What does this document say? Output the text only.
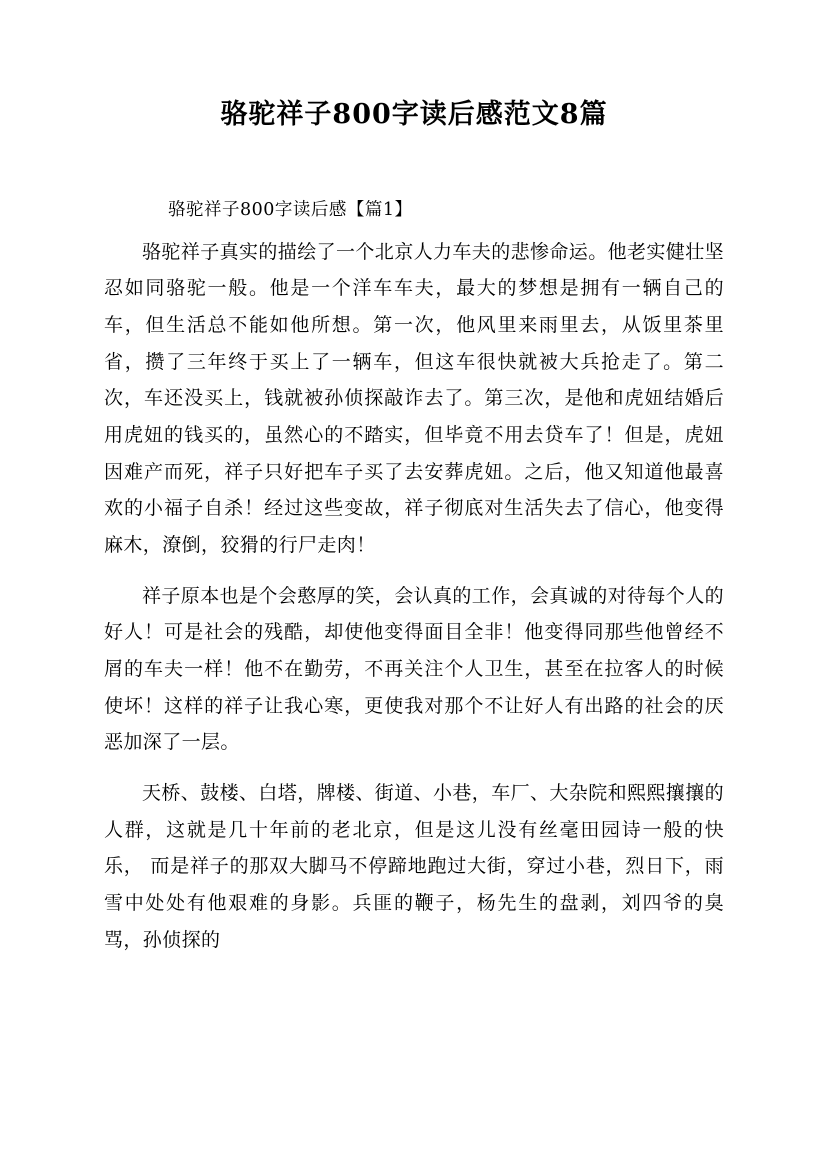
骆驼祥子800字读后感范文8篇
骆驼祥子800字读后感【篇1】

骆驼祥子真实的描绘了一个北京人力车夫的悲惨命运。他老实健壮坚忍如同骆驼一般。他是一个洋车车夫，最大的梦想是拥有一辆自己的车，但生活总不能如他所想。第一次，他风里来雨里去，从饭里茶里省，攒了三年终于买上了一辆车，但这车很快就被大兵抢走了。第二次，车还没买上，钱就被孙侦探敲诈去了。第三次，是他和虎妞结婚后用虎妞的钱买的，虽然心的不踏实，但毕竟不用去贷车了！但是，虎妞因难产而死，祥子只好把车子买了去安葬虎妞。之后，他又知道他最喜欢的小福子自杀！经过这些变故，祥子彻底对生活失去了信心，他变得麻木，潦倒，狡猾的行尸走肉！

祥子原本也是个会憨厚的笑，会认真的工作，会真诚的对待每个人的好人！可是社会的残酷，却使他变得面目全非！他变得同那些他曾经不屑的车夫一样！他不在勤劳，不再关注个人卫生，甚至在拉客人的时候使坏！这样的祥子让我心寒，更使我对那个不让好人有出路的社会的厌恶加深了一层。

天桥、鼓楼、白塔，牌楼、街道、小巷，车厂、大杂院和熙熙攘攘的人群，这就是几十年前的老北京，但是这儿没有丝毫田园诗一般的快乐， 而是祥子的那双大脚马不停蹄地跑过大街，穿过小巷，烈日下，雨雪中处处有他艰难的身影。兵匪的鞭子，杨先生的盘剥，刘四爷的臭骂，孙侦探的
